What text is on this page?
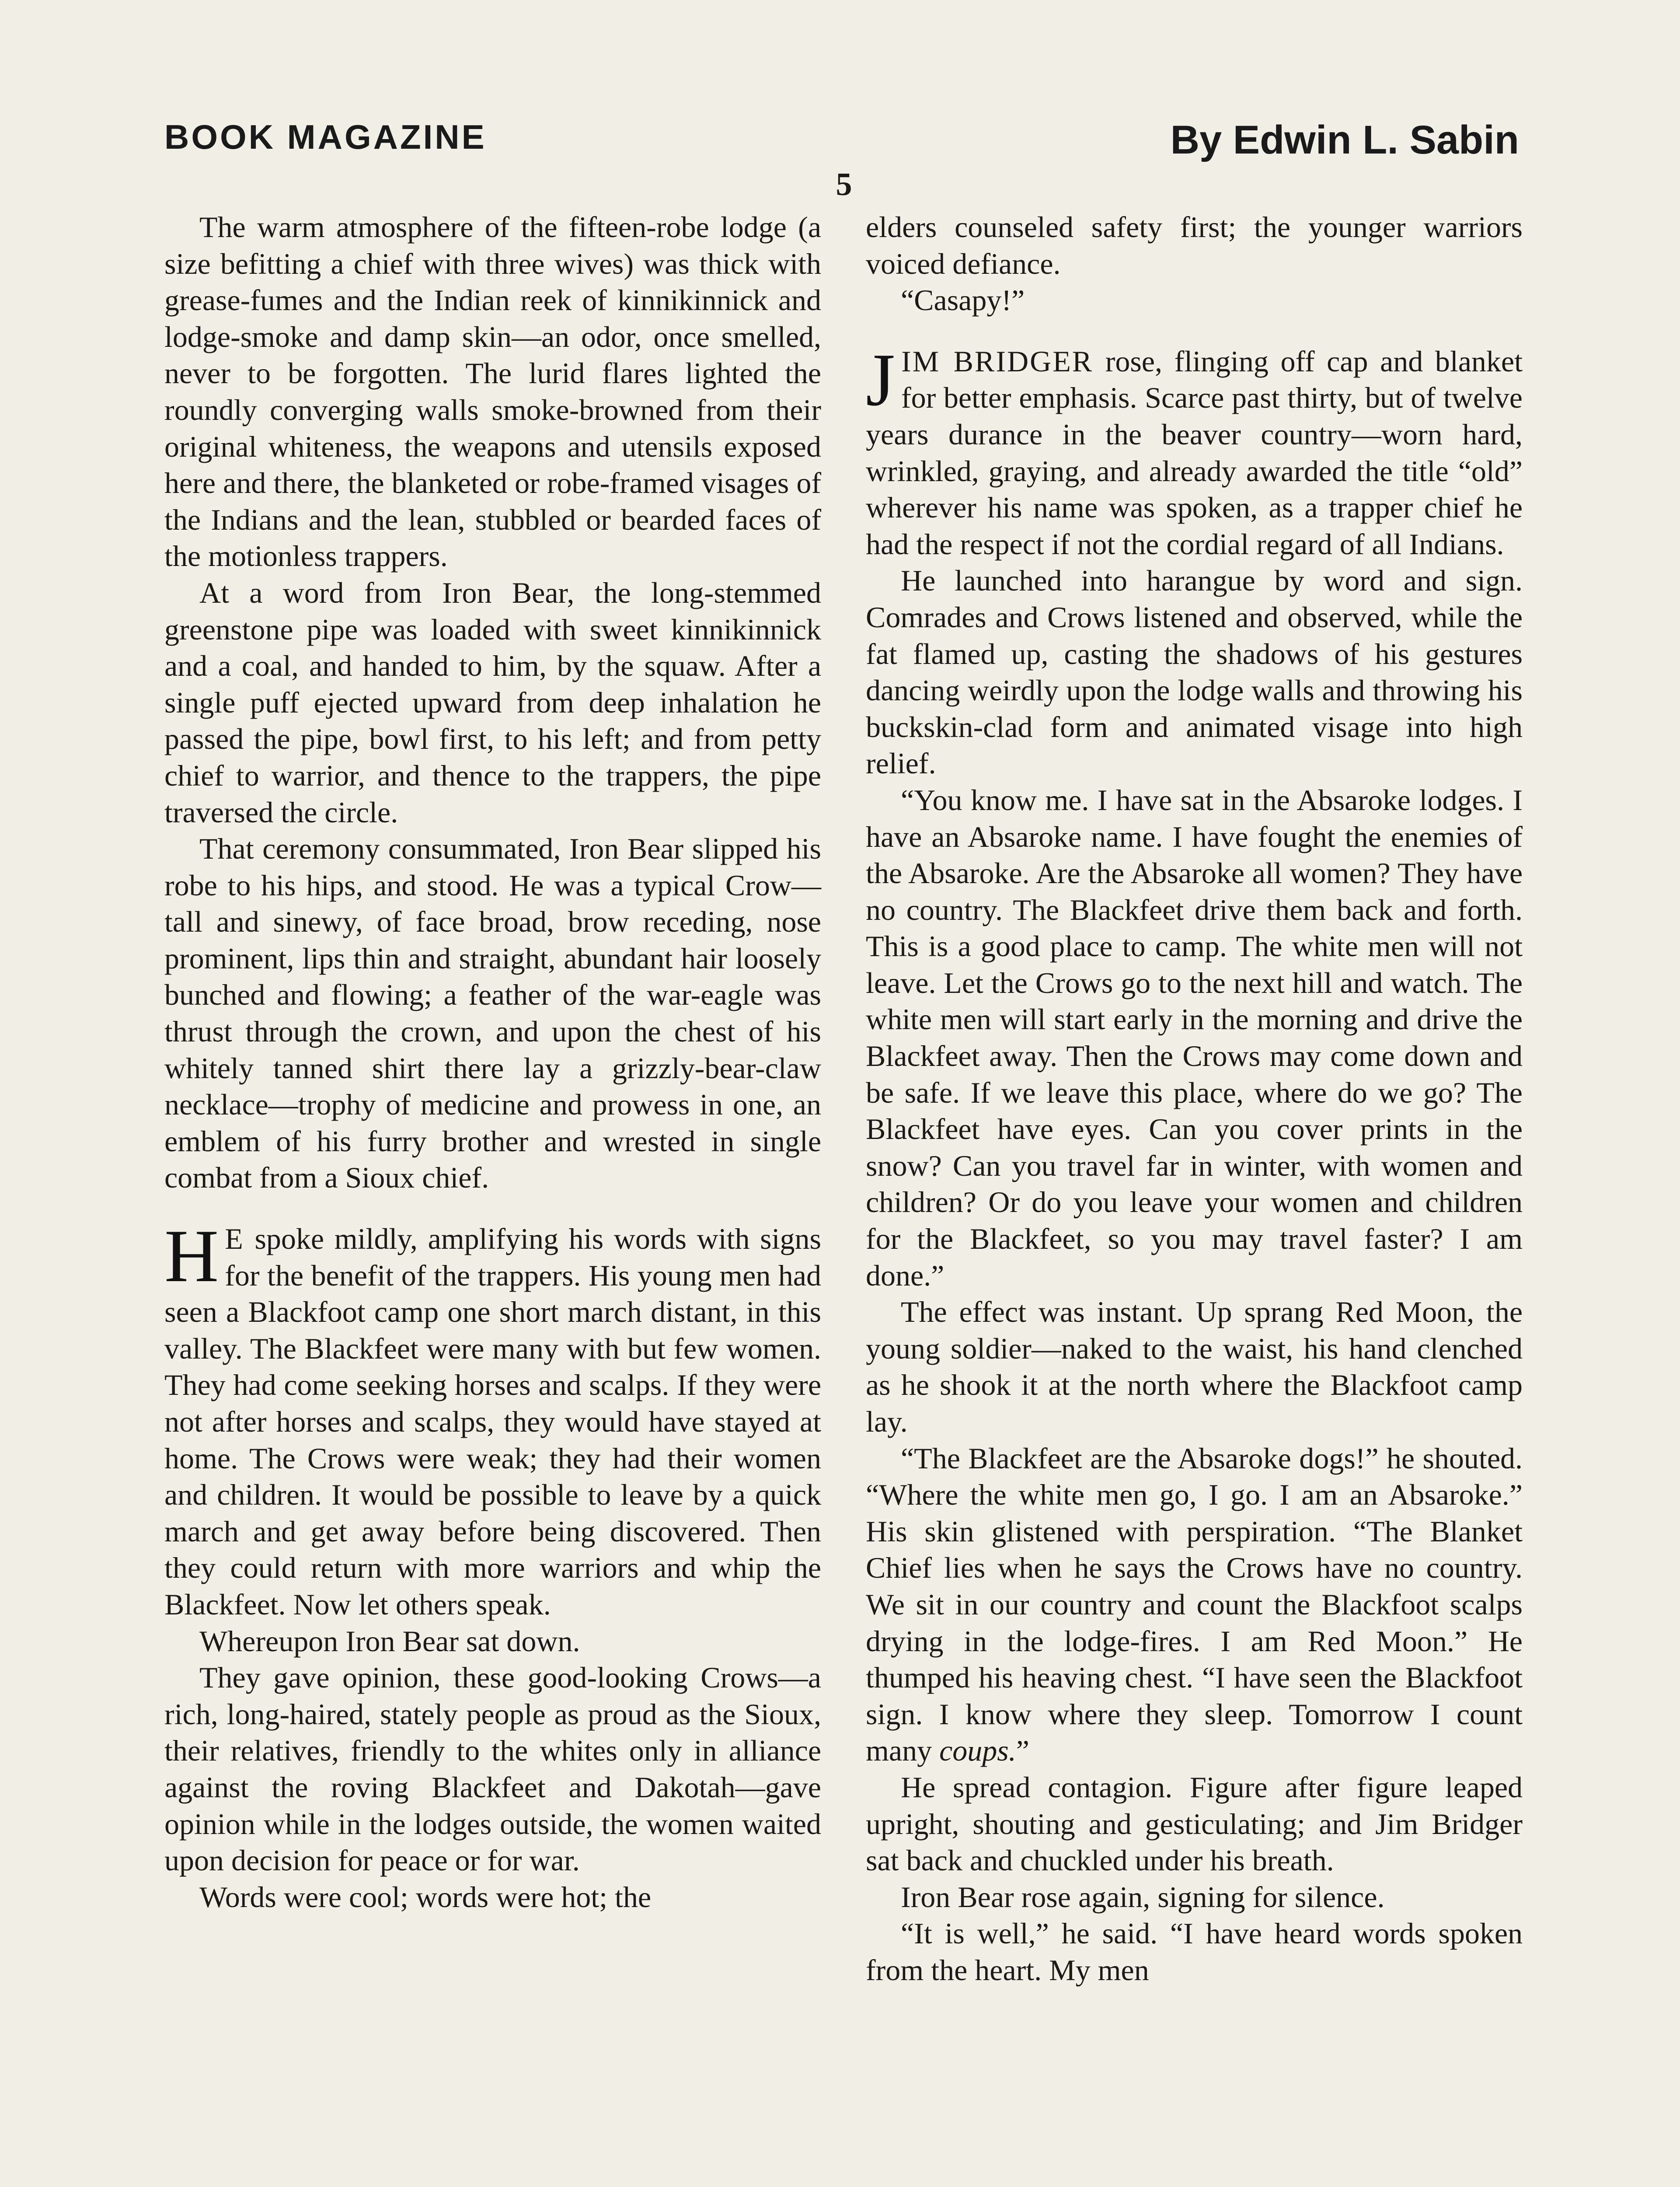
BOOK MAGAZINE	By Edwin L. Sabin
5

The warm atmosphere of the fifteen-robe lodge (a size befitting a chief with three wives) was thick with grease-fumes and the Indian reek of kinnikinnick and lodge-smoke and damp skin—an odor, once smelled, never to be forgotten. The lurid flares lighted the roundly converging walls smoke-browned from their original whiteness, the weapons and utensils exposed here and there, the blanketed or robe-framed visages of the Indians and the lean, stubbled or bearded faces of the motionless trappers.

At a word from Iron Bear, the long-stemmed greenstone pipe was loaded with sweet kinnikinnick and a coal, and handed to him, by the squaw. After a single puff ejected upward from deep inhalation he passed the pipe, bowl first, to his left; and from petty chief to warrior, and thence to the trappers, the pipe traversed the circle.

That ceremony consummated, Iron Bear slipped his robe to his hips, and stood. He was a typical Crow—tall and sinewy, of face broad, brow receding, nose prominent, lips thin and straight, abundant hair loosely bunched and flowing; a feather of the war-eagle was thrust through the crown, and upon the chest of his whitely tanned shirt there lay a grizzly-bear-claw necklace—trophy of medicine and prowess in one, an emblem of his furry brother and wrested in single combat from a Sioux chief.

H E spoke mildly, amplifying his words with signs for the benefit of the trappers. His young men had seen a Blackfoot camp one short march distant, in this valley. The Blackfeet were many with but few women. They had come seeking horses and scalps. If they were not after horses and scalps, they would have stayed at home. The Crows were weak; they had their women and children. It would be possible to leave by a quick march and get away before being discovered. Then they could return with more warriors and whip the Blackfeet. Now let others speak.

Whereupon Iron Bear sat down.

They gave opinion, these good-looking Crows—a rich, long-haired, stately people as proud as the Sioux, their relatives, friendly to the whites only in alliance against the roving Blackfeet and Dakotah—gave opinion while in the lodges outside, the women waited upon decision for peace or for war.

Words were cool; words were hot; the

elders counseled safety first; the younger warriors voiced defiance.

“Casapy!”

JIM BRIDGER rose, flinging off cap and blanket for better emphasis. Scarce past thirty, but of twelve years durance in the beaver country—worn hard, wrinkled, graying, and already awarded the title “old” wherever his name was spoken, as a trapper chief he had the respect if not the cordial regard of all Indians.

He launched into harangue by word and sign. Comrades and Crows listened and observed, while the fat flamed up, casting the shadows of his gestures dancing weirdly upon the lodge walls and throwing his buckskin-clad form and animated visage into high relief.

“You know me. I have sat in the Absaroke lodges. I have an Absaroke name. I have fought the enemies of the Absaroke. Are the Absaroke all women? They have no country. The Blackfeet drive them back and forth. This is a good place to camp. The white men will not leave. Let the Crows go to the next hill and watch. The white men will start early in the morning and drive the Blackfeet away. Then the Crows may come down and be safe. If we leave this place, where do we go? The Blackfeet have eyes. Can you cover prints in the snow? Can you travel far in winter, with women and children? Or do you leave your women and children for the Blackfeet, so you may travel faster? I am done.”

The effect was instant. Up sprang Red Moon, the young soldier—naked to the waist, his hand clenched as he shook it at the north where the Blackfoot camp lay.

“The Blackfeet are the Absaroke dogs!” he shouted. “Where the white men go, I go. I am an Absaroke.” His skin glistened with perspiration. “The Blanket Chief lies when he says the Crows have no country. We sit in our country and count the Blackfoot scalps drying in the lodge-fires. I am Red Moon.” He thumped his heaving chest. “I have seen the Blackfoot sign. I know where they sleep. Tomorrow I count many coups.”

He spread contagion. Figure after figure leaped upright, shouting and gesticulating; and Jim Bridger sat back and chuckled under his breath.

Iron Bear rose again, signing for silence.

“It is well,” he said. “I have heard words spoken from the heart. My men
